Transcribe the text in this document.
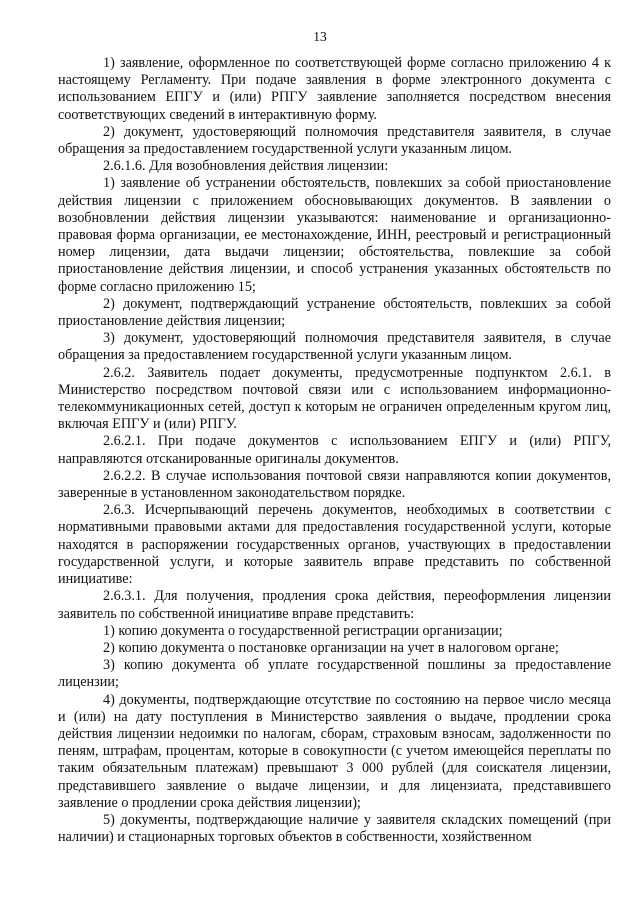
13

1) заявление, оформленное по соответствующей форме согласно приложению 4 к настоящему Регламенту. При подаче заявления в форме электронного документа с использованием ЕПГУ и (или) РПГУ заявление заполняется посредством внесения соответствующих сведений в интерактивную форму.

2) документ, удостоверяющий полномочия представителя заявителя, в случае обращения за предоставлением государственной услуги указанным лицом.

2.6.1.6. Для возобновления действия лицензии:

1) заявление об устранении обстоятельств, повлекших за собой приостановление действия лицензии с приложением обосновывающих документов. В заявлении о возобновлении действия лицензии указываются: наименование и организационно-правовая форма организации, ее местонахождение, ИНН, реестровый и регистрационный номер лицензии, дата выдачи лицензии; обстоятельства, повлекшие за собой приостановление действия лицензии, и способ устранения указанных обстоятельств по форме согласно приложению 15;

2) документ, подтверждающий устранение обстоятельств, повлекших за собой приостановление действия лицензии;

3) документ, удостоверяющий полномочия представителя заявителя, в случае обращения за предоставлением государственной услуги указанным лицом.

2.6.2. Заявитель подает документы, предусмотренные подпунктом 2.6.1. в Министерство посредством почтовой связи или с использованием информационно-телекоммуникационных сетей, доступ к которым не ограничен определенным кругом лиц, включая ЕПГУ и (или) РПГУ.

2.6.2.1. При подаче документов с использованием ЕПГУ и (или) РПГУ, направляются отсканированные оригиналы документов.

2.6.2.2. В случае использования почтовой связи направляются копии документов, заверенные в установленном законодательством порядке.

2.6.3. Исчерпывающий перечень документов, необходимых в соответствии с нормативными правовыми актами для предоставления государственной услуги, которые находятся в распоряжении государственных органов, участвующих в предоставлении государственной услуги, и которые заявитель вправе представить по собственной инициативе:

2.6.3.1. Для получения, продления срока действия, переоформления лицензии заявитель по собственной инициативе вправе представить:

1) копию документа о государственной регистрации организации;

2) копию документа о постановке организации на учет в налоговом органе;

3) копию документа об уплате государственной пошлины за предоставление лицензии;

4) документы, подтверждающие отсутствие по состоянию на первое число месяца и (или) на дату поступления в Министерство заявления о выдаче, продлении срока действия лицензии недоимки по налогам, сборам, страховым взносам, задолженности по пеням, штрафам, процентам, которые в совокупности (с учетом имеющейся переплаты по таким обязательным платежам) превышают 3 000 рублей (для соискателя лицензии, представившего заявление о выдаче лицензии, и для лицензиата, представившего заявление о продлении срока действия лицензии);

5) документы, подтверждающие наличие у заявителя складских помещений (при наличии) и стационарных торговых объектов в собственности, хозяйственном
